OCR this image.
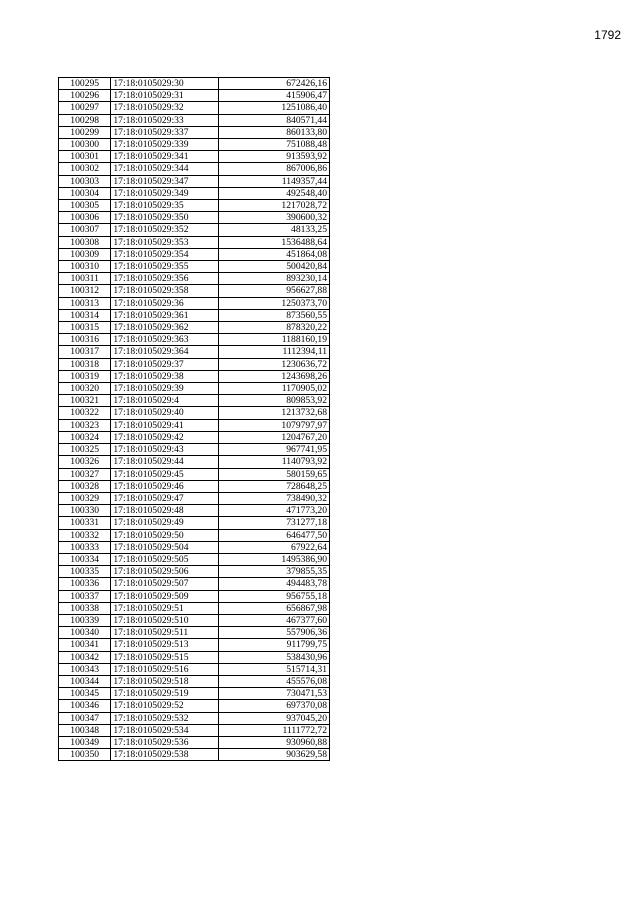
1792
100295	17:18:0105029:30	672426,16
100296	17:18:0105029:31	415906,47
100297	17:18:0105029:32	1251086,40
100298	17:18:0105029:33	840571,44
100299	17:18:0105029:337	860133,80
100300	17:18:0105029:339	751088,48
100301	17:18:0105029:341	913593,92
100302	17:18:0105029:344	867006,86
100303	17:18:0105029:347	1149357,44
100304	17:18:0105029:349	492548,40
100305	17:18:0105029:35	1217028,72
100306	17:18:0105029:350	390600,32
100307	17:18:0105029:352	48133,25
100308	17:18:0105029:353	1536488,64
100309	17:18:0105029:354	451864,08
100310	17:18:0105029:355	500420,84
100311	17:18:0105029:356	893230,14
100312	17:18:0105029:358	956627,88
100313	17:18:0105029:36	1250373,70
100314	17:18:0105029:361	873560,55
100315	17:18:0105029:362	878320,22
100316	17:18:0105029:363	1188160,19
100317	17:18:0105029:364	1112394,11
100318	17:18:0105029:37	1230636,72
100319	17:18:0105029:38	1243698,26
100320	17:18:0105029:39	1170905,02
100321	17:18:0105029:4	809853,92
100322	17:18:0105029:40	1213732,68
100323	17:18:0105029:41	1079797,97
100324	17:18:0105029:42	1204767,20
100325	17:18:0105029:43	967741,95
100326	17:18:0105029:44	1140793,92
100327	17:18:0105029:45	580159,65
100328	17:18:0105029:46	728648,25
100329	17:18:0105029:47	738490,32
100330	17:18:0105029:48	471773,20
100331	17:18:0105029:49	731277,18
100332	17:18:0105029:50	646477,50
100333	17:18:0105029:504	67922,64
100334	17:18:0105029:505	1495386,90
100335	17:18:0105029:506	379855,35
100336	17:18:0105029:507	494483,78
100337	17:18:0105029:509	956755,18
100338	17:18:0105029:51	656867,98
100339	17:18:0105029:510	467377,60
100340	17:18:0105029:511	557906,36
100341	17:18:0105029:513	911799,75
100342	17:18:0105029:515	538430,96
100343	17:18:0105029:516	515714,31
100344	17:18:0105029:518	455576,08
100345	17:18:0105029:519	730471,53
100346	17:18:0105029:52	697370,08
100347	17:18:0105029:532	937045,20
100348	17:18:0105029:534	1111772,72
100349	17:18:0105029:536	930960,88
100350	17:18:0105029:538	903629,58
